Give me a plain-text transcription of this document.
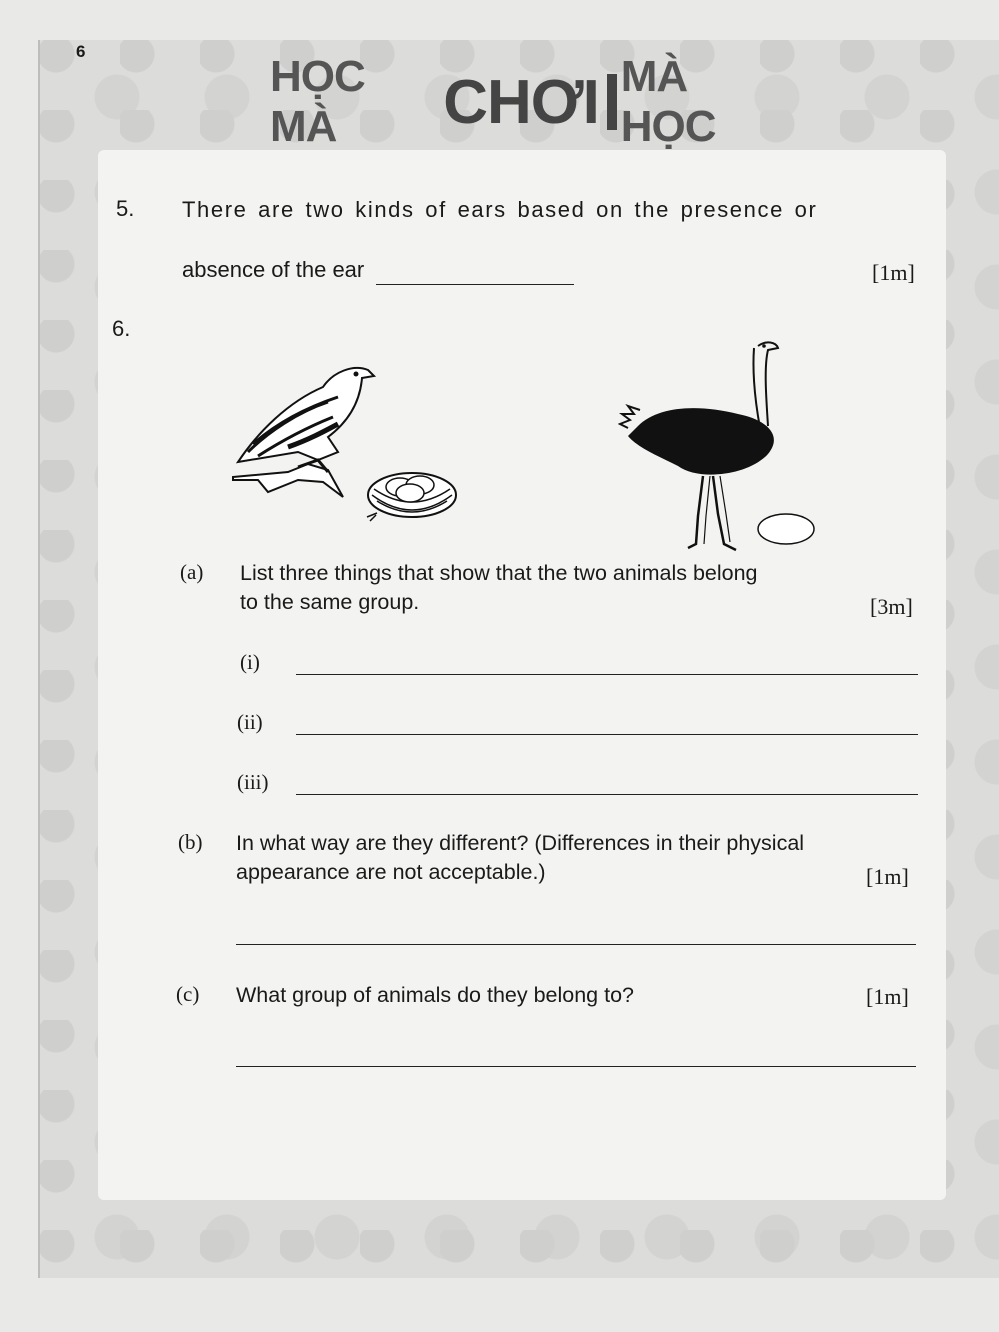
6
HỌC MÀ	CHƠI MÀ HỌC
5. There are two kinds of ears based on the presence or
absence of the ear	[1m]
6.
(a) List three things that show that the two animals belong
to the same group.	[3m]
(i)
(ii)
(iii)
(b) In what way are they different? (Differences in their physical
appearance are not acceptable.)	[1m]
(c) What group of animals do they belong to?	[1m]
